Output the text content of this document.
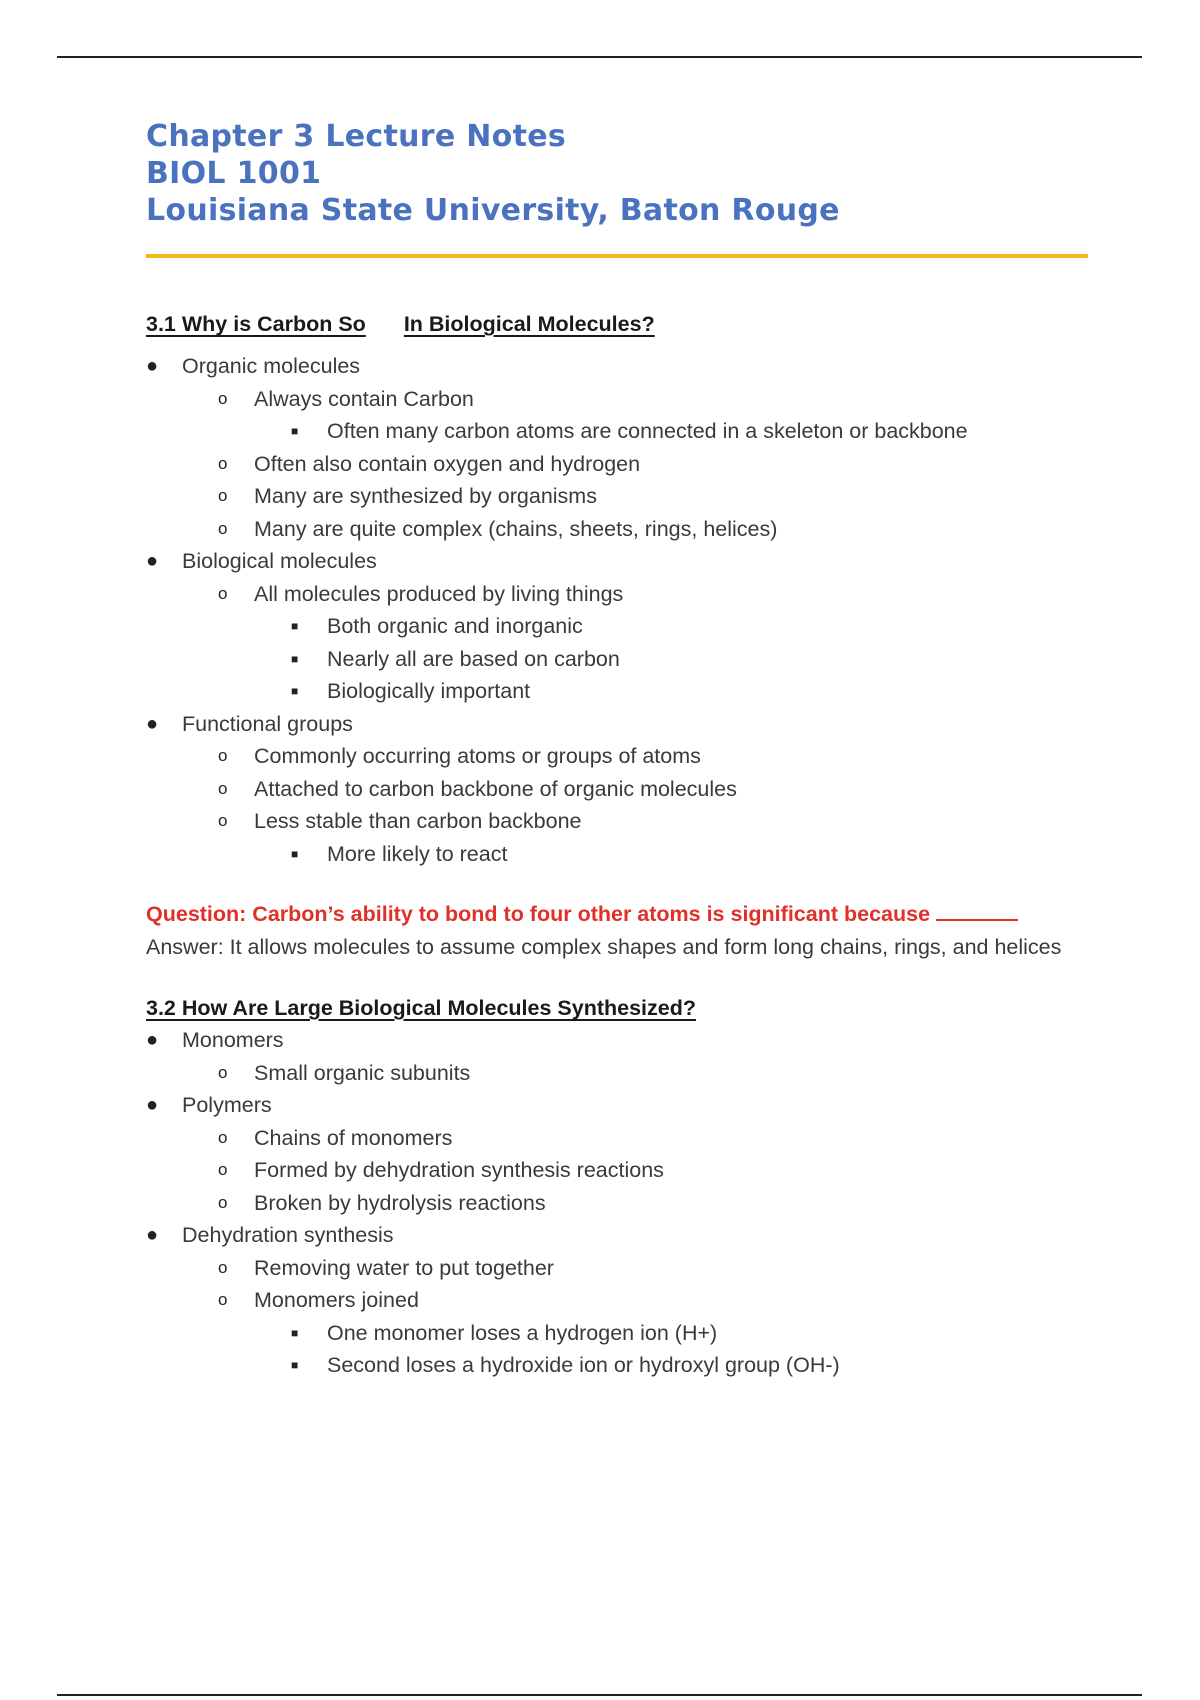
Chapter 3 Lecture Notes
BIOL 1001
Louisiana State University, Baton Rouge
3.1 Why is Carbon So In Biological Molecules?
● Organic molecules
o Always contain Carbon
■ Often many carbon atoms are connected in a skeleton or backbone
o Often also contain oxygen and hydrogen
o Many are synthesized by organisms
o Many are quite complex (chains, sheets, rings, helices)
● Biological molecules
o All molecules produced by living things
■ Both organic and inorganic
■ Nearly all are based on carbon
■ Biologically important
● Functional groups
o Commonly occurring atoms or groups of atoms
o Attached to carbon backbone of organic molecules
o Less stable than carbon backbone
■ More likely to react
Question: Carbon’s ability to bond to four other atoms is significant because
Answer: It allows molecules to assume complex shapes and form long chains, rings, and helices
3.2 How Are Large Biological Molecules Synthesized?
● Monomers
o Small organic subunits
● Polymers
o Chains of monomers
o Formed by dehydration synthesis reactions
o Broken by hydrolysis reactions
● Dehydration synthesis
o Removing water to put together
o Monomers joined
■ One monomer loses a hydrogen ion (H+)
■ Second loses a hydroxide ion or hydroxyl group (OH-)
